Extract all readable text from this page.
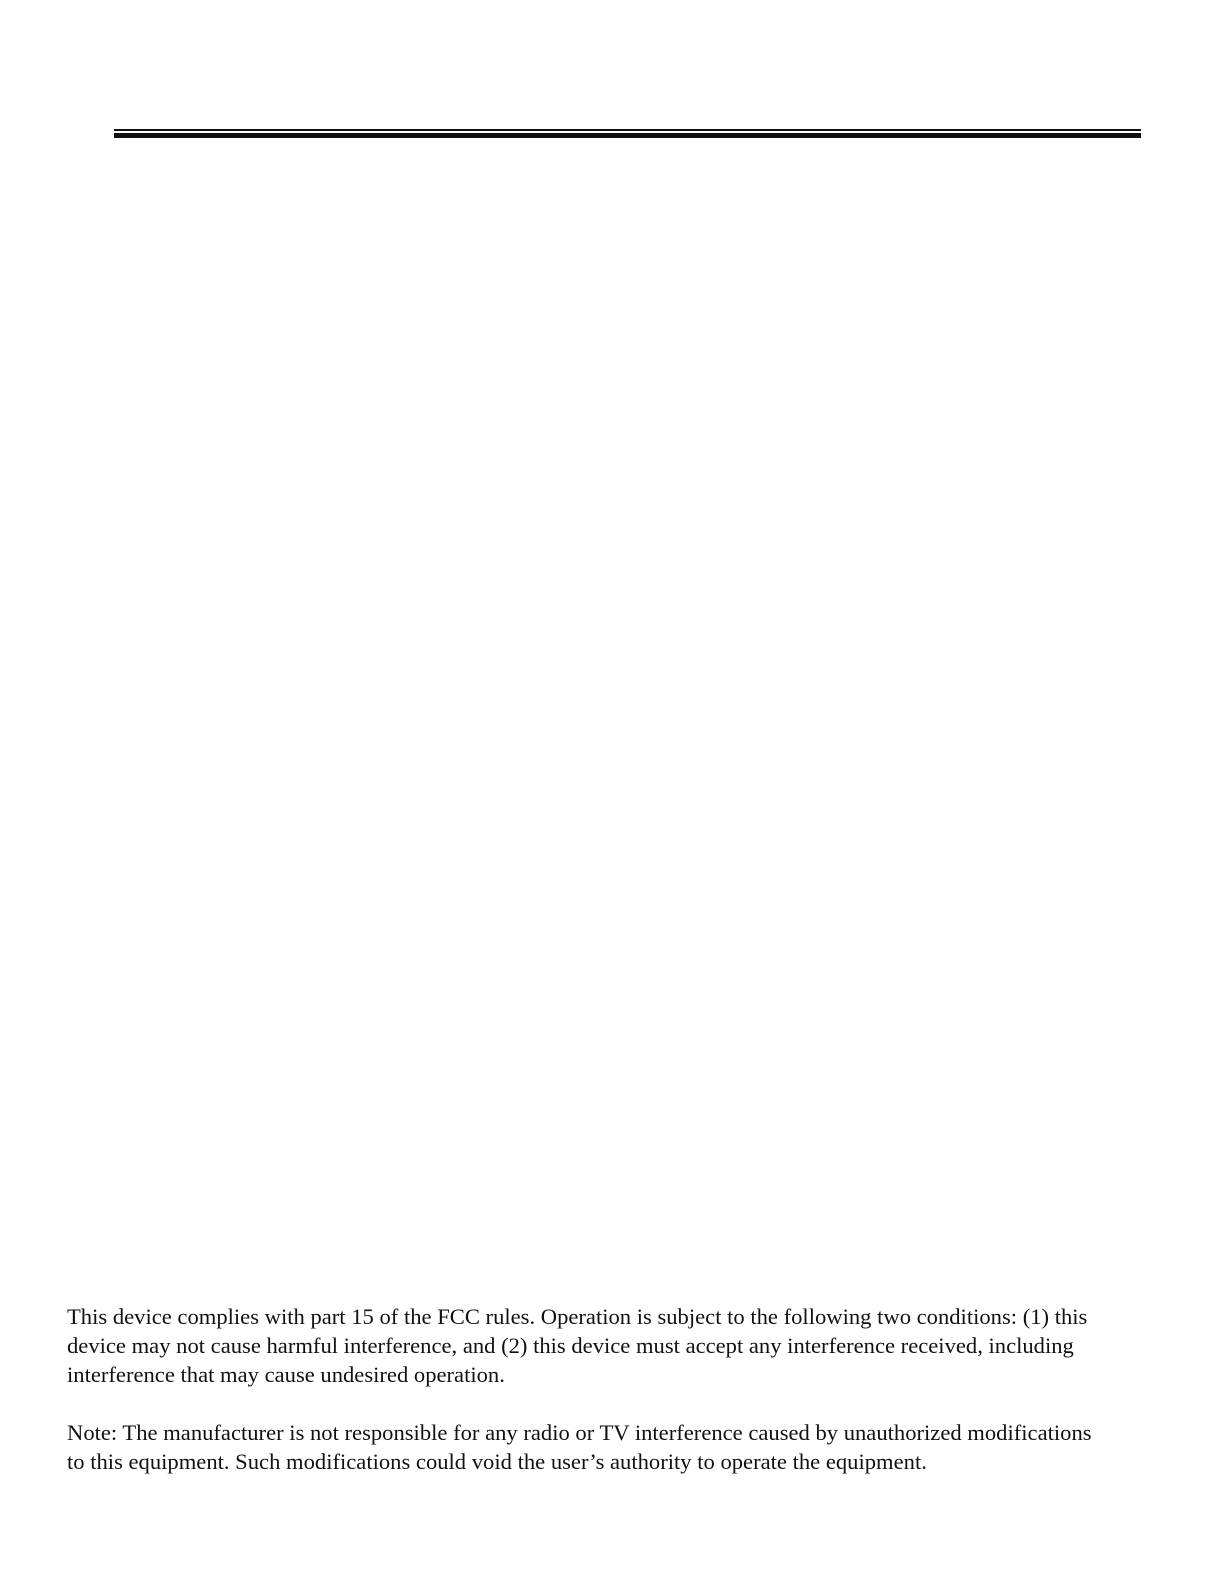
This device complies with part 15 of the FCC rules. Operation is subject to the following two conditions: (1) this
device may not cause harmful interference, and (2) this device must accept any interference received, including
interference that may cause undesired operation.

Note: The manufacturer is not responsible for any radio or TV interference caused by unauthorized modifications
to this equipment. Such modifications could void the user’s authority to operate the equipment.
